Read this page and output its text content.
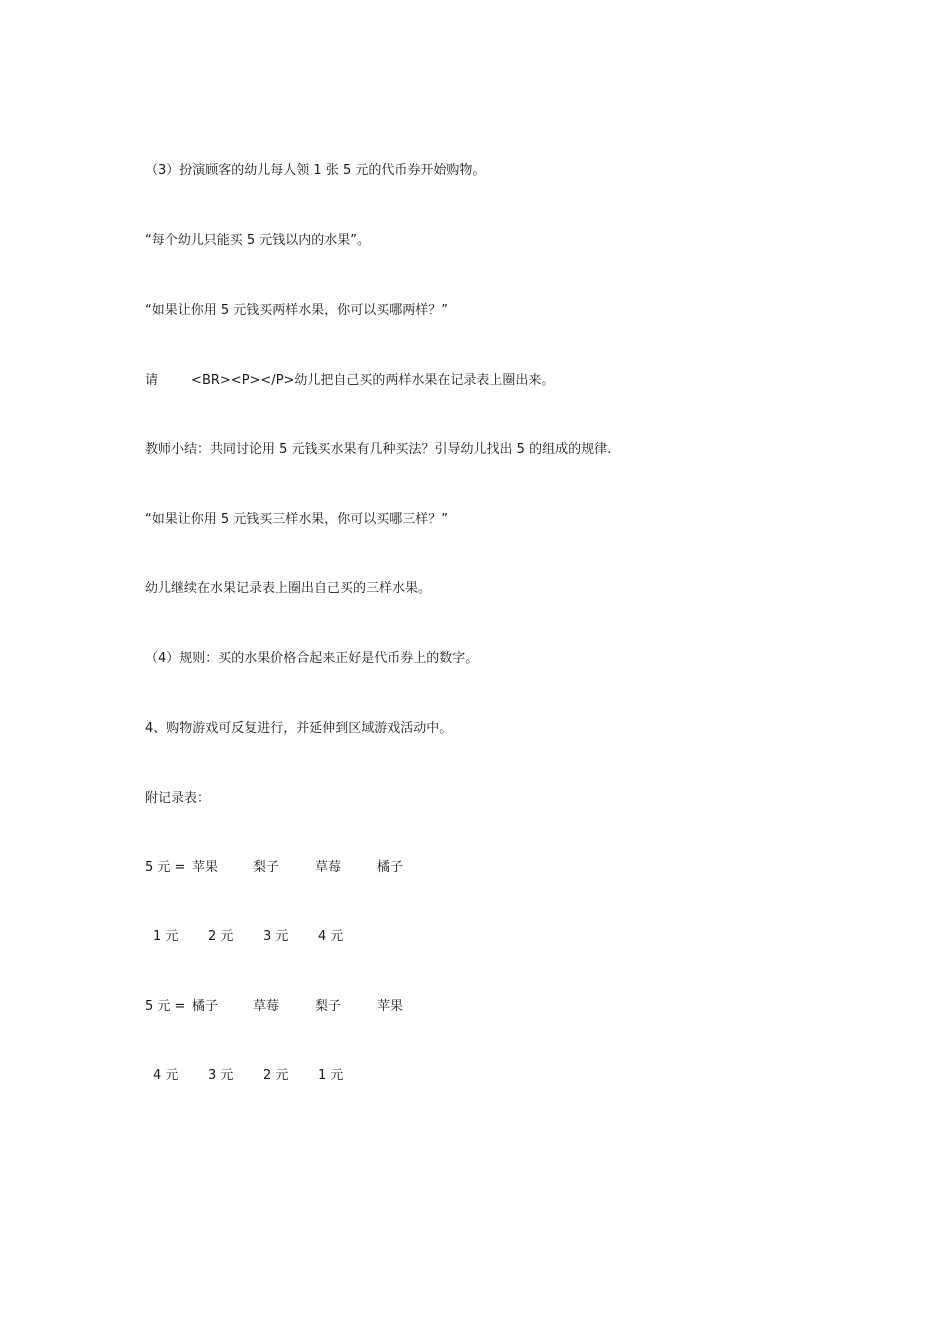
（3）扮演顾客的幼儿每人领 1 张 5 元的代币券开始购物。
“每个幼儿只能买 5 元钱以内的水果”。
“如果让你用 5 元钱买两样水果，你可以买哪两样？”
请        <BR><P></P>幼儿把自己买的两样水果在记录表上圈出来。
教师小结：共同讨论用 5 元钱买水果有几种买法？引导幼儿找出 5 的组成的规律.
“如果让你用 5 元钱买三样水果，你可以买哪三样？”
幼儿继续在水果记录表上圈出自己买的三样水果。
（4）规则：买的水果价格合起来正好是代币券上的数字。
4、购物游戏可反复进行，并延伸到区域游戏活动中。
附记录表：
5 元 = 苹果	梨子	草莓	橘子
1 元 2 元 3 元 4 元
5 元 = 橘子	草莓	梨子	苹果
4 元 3 元 2 元 1 元
